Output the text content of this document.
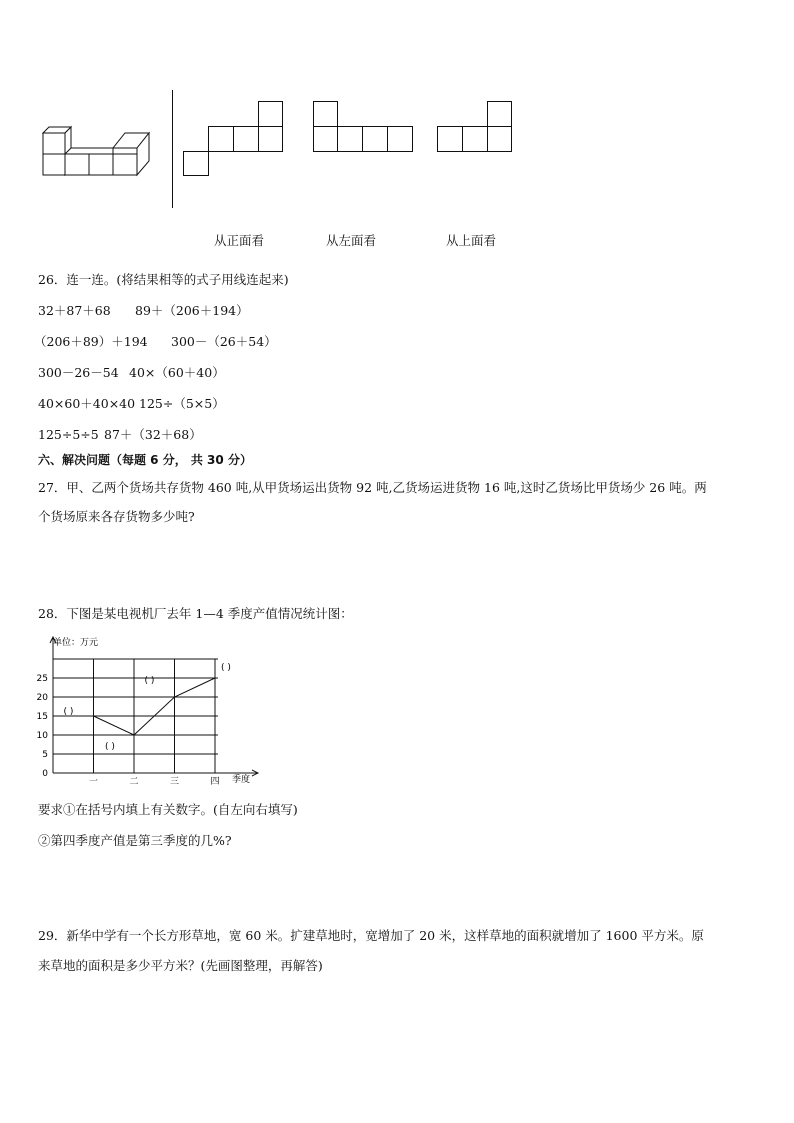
从正面看	从左面看	从上面看
26．连一连。(将结果相等的式子用线连起来)
32＋87＋68 89＋（206＋194）
（206＋89）＋194 300－（26＋54）
300－26－54 40×（60＋40）
40×60＋40×40 125÷（5×5）
125÷5÷5 87＋（32＋68）
六、解决问题（每题 6 分， 共 30 分）
27．甲、乙两个货场共存货物 460 吨,从甲货场运出货物 92 吨,乙货场运进货物 16 吨,这时乙货场比甲货场少 26 吨。两
个货场原来各存货物多少吨?
28．下图是某电视机厂去年 1—4 季度产值情况统计图：
0
5
10
15
20
25
一	二	三	四
( )
( )
( )
( )
单位：万元
季度
要求①在括号内填上有关数字。(自左向右填写)
②第四季度产值是第三季度的几%?
29．新华中学有一个长方形草地，宽 60 米。扩建草地时，宽增加了 20 米，这样草地的面积就增加了 1600 平方米。原
来草地的面积是多少平方米？(先画图整理，再解答)
